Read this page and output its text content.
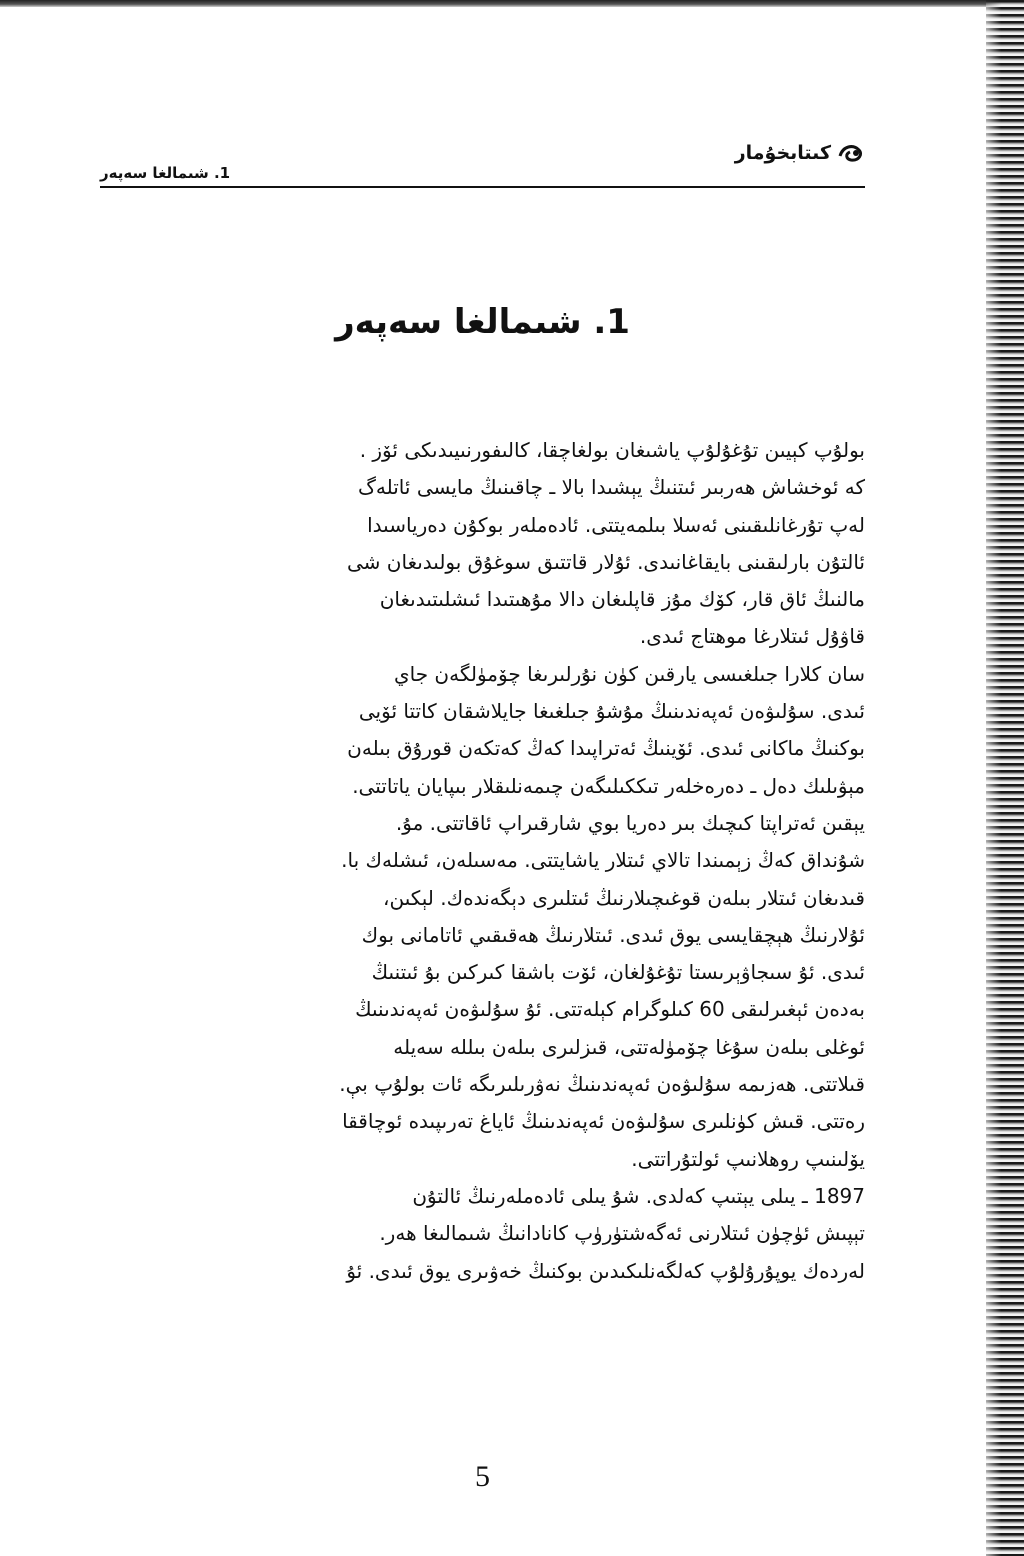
كىتابخۇمار
1. شىمالغا سەپەر
1. شىمالغا سەپەر
بولۇپ كېيىن تۇغۇلۇپ ياشىغان بولغاچقا، كالىفورنىيىدىكى ئۆز .
كە ئوخشاش ھەربىر ئىتنىڭ يېشىدا بالا ـ چاقىنىڭ مايسى ئاتلەگ
لەپ تۇرغانلىقىنى ئەسلا بىلمەيتتى. ئادەملەر بوكۇن دەرياسىدا
ئالتۇن بارلىقىنى بايقاغانىدى. ئۇلار قاتتىق سوغۇق بولىدىغان شى
مالنىڭ ئاق قار، كۆك مۇز قاپلىغان دالا مۇھىتىدا ئىشلىتىدىغان
قاۋۇل ئىتلارغا موھتاج ئىدى.
سان كلارا جىلغىسى يارقىن كۈن نۇرلىرىغا چۆمۈلگەن جاي
ئىدى. سۇلىۋەن ئەپەندىنىڭ مۇشۇ جىلغىغا جايلاشقان كاتتا ئۆيى
بوكنىڭ ماكانى ئىدى. ئۆينىڭ ئەتراپىدا كەڭ كەتكەن قورۇق بىلەن
مېۋىلىك دەل ـ دەرەخلەر تىككىلىگەن چىمەنلىقلار بىپايان ياتاتتى.
يېقىن ئەتراپتا كىچىك بىر دەريا بوي شارقىراپ ئاقاتتى. مۇ.
شۇنداق كەڭ زېمىندا تالاي ئىتلار ياشايتتى. مەسىلەن، ئىشلەك با.
قىدىغان ئىتلار بىلەن قوغىچىلارنىڭ ئىتلىرى دېگەندەك. لېكىن،
ئۇلارنىڭ ھېچقايسى يوق ئىدى. ئىتلارنىڭ ھەقىقىي ئاتامانى بوك
ئىدى. ئۇ سىجاۋېرىستا تۇغۇلغان، ئۆت باشقا كىركىن بۇ ئىتنىڭ
بەدەن ئېغىرلىقى 60 كىلوگرام كېلەتتى. ئۇ سۇلىۋەن ئەپەندىنىڭ
ئوغلى بىلەن سۇغا چۆمۈلەتتى، قىزلىرى بىلەن بىللە سەيلە
قىلاتتى. ھەزىمە سۇلىۋەن ئەپەندىنىڭ نەۋرىلىرىگە ئات بولۇپ بې.
رەتتى. قىش كۈنلىرى سۇلىۋەن ئەپەندىنىڭ ئاياغ تەرىپىدە ئوچاققا
يۆلىنىپ روھلانىپ ئولتۇراتتى.
1897 ـ يىلى يېتىپ كەلدى. شۇ يىلى ئادەملەرنىڭ ئالتۇن
تېپىش ئۈچۈن ئىتلارنى ئەگەشتۈرۈپ كانادانىڭ شىمالىغا ھەر.
لەردەك يوپۇرۇلۇپ كەلگەنلىكىدىن بوكنىڭ خەۋىرى يوق ئىدى. ئۇ
5
